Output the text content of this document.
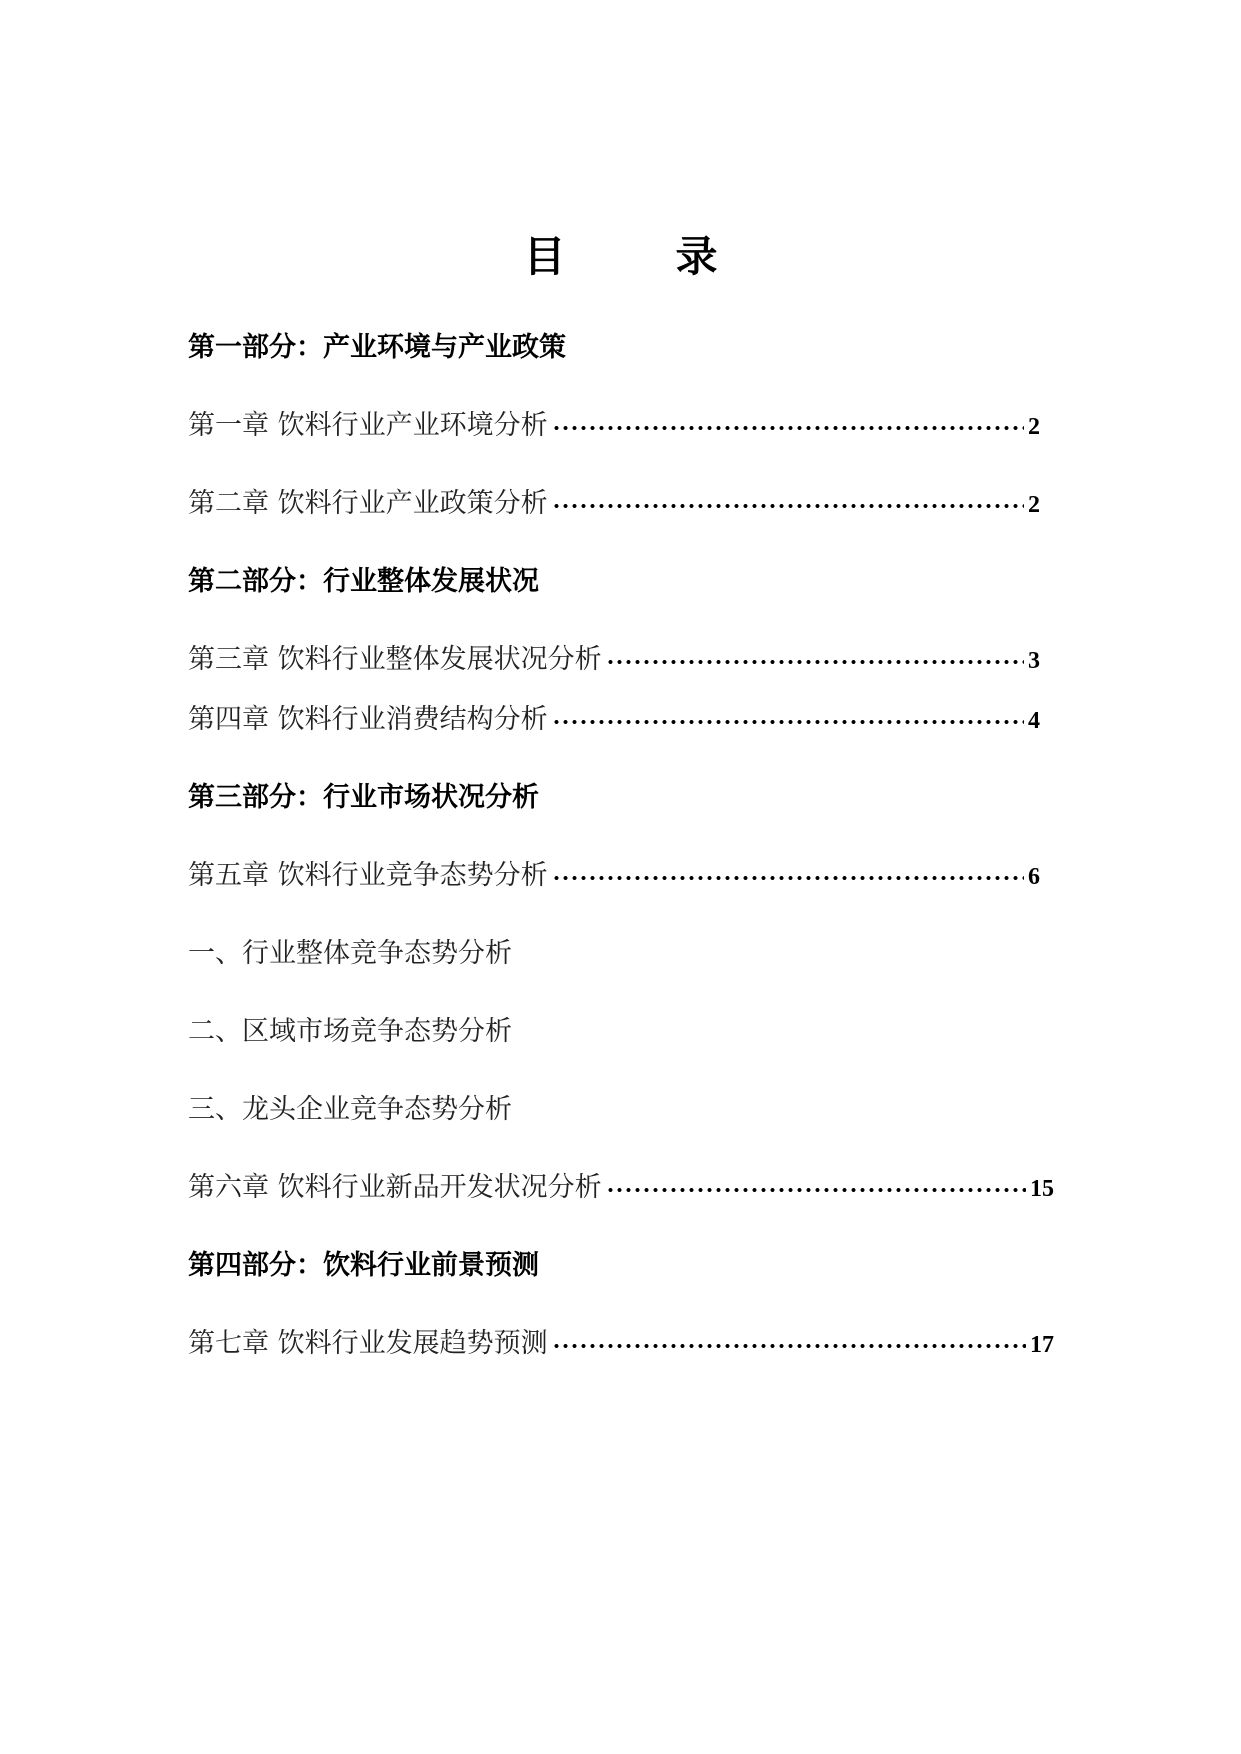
目	录
第一部分：产业环境与产业政策
第一章 饮料行业产业环境分析	2
第二章 饮料行业产业政策分析	2
第二部分：行业整体发展状况
第三章 饮料行业整体发展状况分析	3
第四章 饮料行业消费结构分析	4
第三部分：行业市场状况分析
第五章 饮料行业竞争态势分析	6
一、行业整体竞争态势分析
二、区域市场竞争态势分析
三、龙头企业竞争态势分析
第六章 饮料行业新品开发状况分析	15
第四部分：饮料行业前景预测
第七章 饮料行业发展趋势预测	17
